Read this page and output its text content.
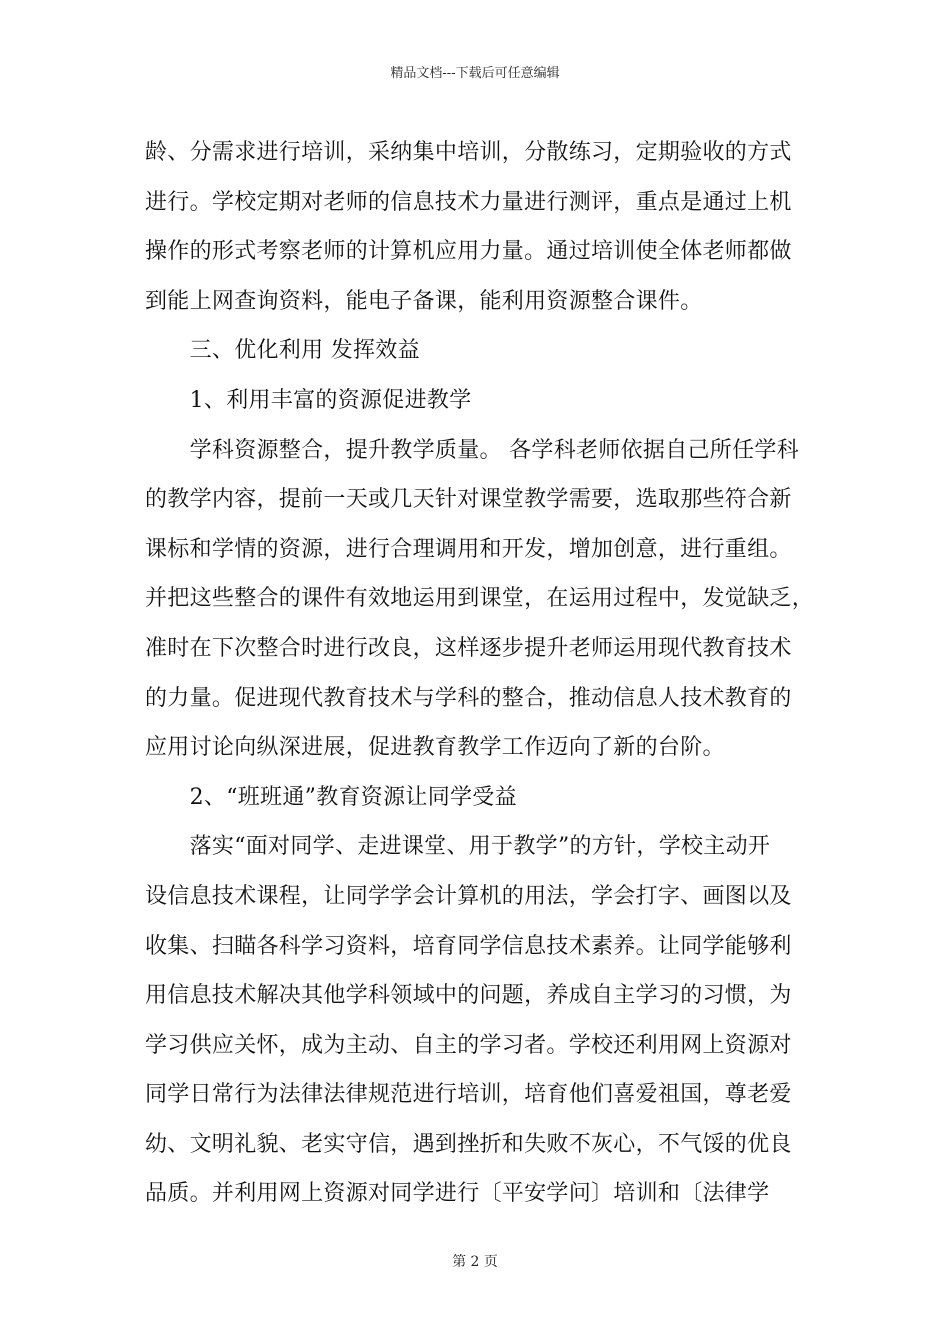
精品文档---下载后可任意编辑
龄、分需求进行培训，采纳集中培训，分散练习，定期验收的方式
进行。学校定期对老师的信息技术力量进行测评，重点是通过上机
操作的形式考察老师的计算机应用力量。通过培训使全体老师都做
到能上网查询资料，能电子备课，能利用资源整合课件。
　　三、优化利用 发挥效益
　　1、利用丰富的资源促进教学
　　学科资源整合，提升教学质量。 各学科老师依据自己所任学科
的教学内容，提前一天或几天针对课堂教学需要，选取那些符合新
课标和学情的资源，进行合理调用和开发，增加创意，进行重组。
并把这些整合的课件有效地运用到课堂，在运用过程中，发觉缺乏，
准时在下次整合时进行改良，这样逐步提升老师运用现代教育技术
的力量。促进现代教育技术与学科的整合，推动信息人技术教育的
应用讨论向纵深进展，促进教育教学工作迈向了新的台阶。
　　2、“班班通”教育资源让同学受益
　　落实“面对同学、走进课堂、用于教学”的方针，学校主动开
设信息技术课程，让同学学会计算机的用法，学会打字、画图以及
收集、扫瞄各科学习资料，培育同学信息技术素养。让同学能够利
用信息技术解决其他学科领域中的问题，养成自主学习的习惯，为
学习供应关怀，成为主动、自主的学习者。学校还利用网上资源对
同学日常行为法律法律规范进行培训，培育他们喜爱祖国，尊老爱
幼、文明礼貌、老实守信，遇到挫折和失败不灰心，不气馁的优良
品质。并利用网上资源对同学进行〔平安学问〕培训和〔法律学
第 2 页
